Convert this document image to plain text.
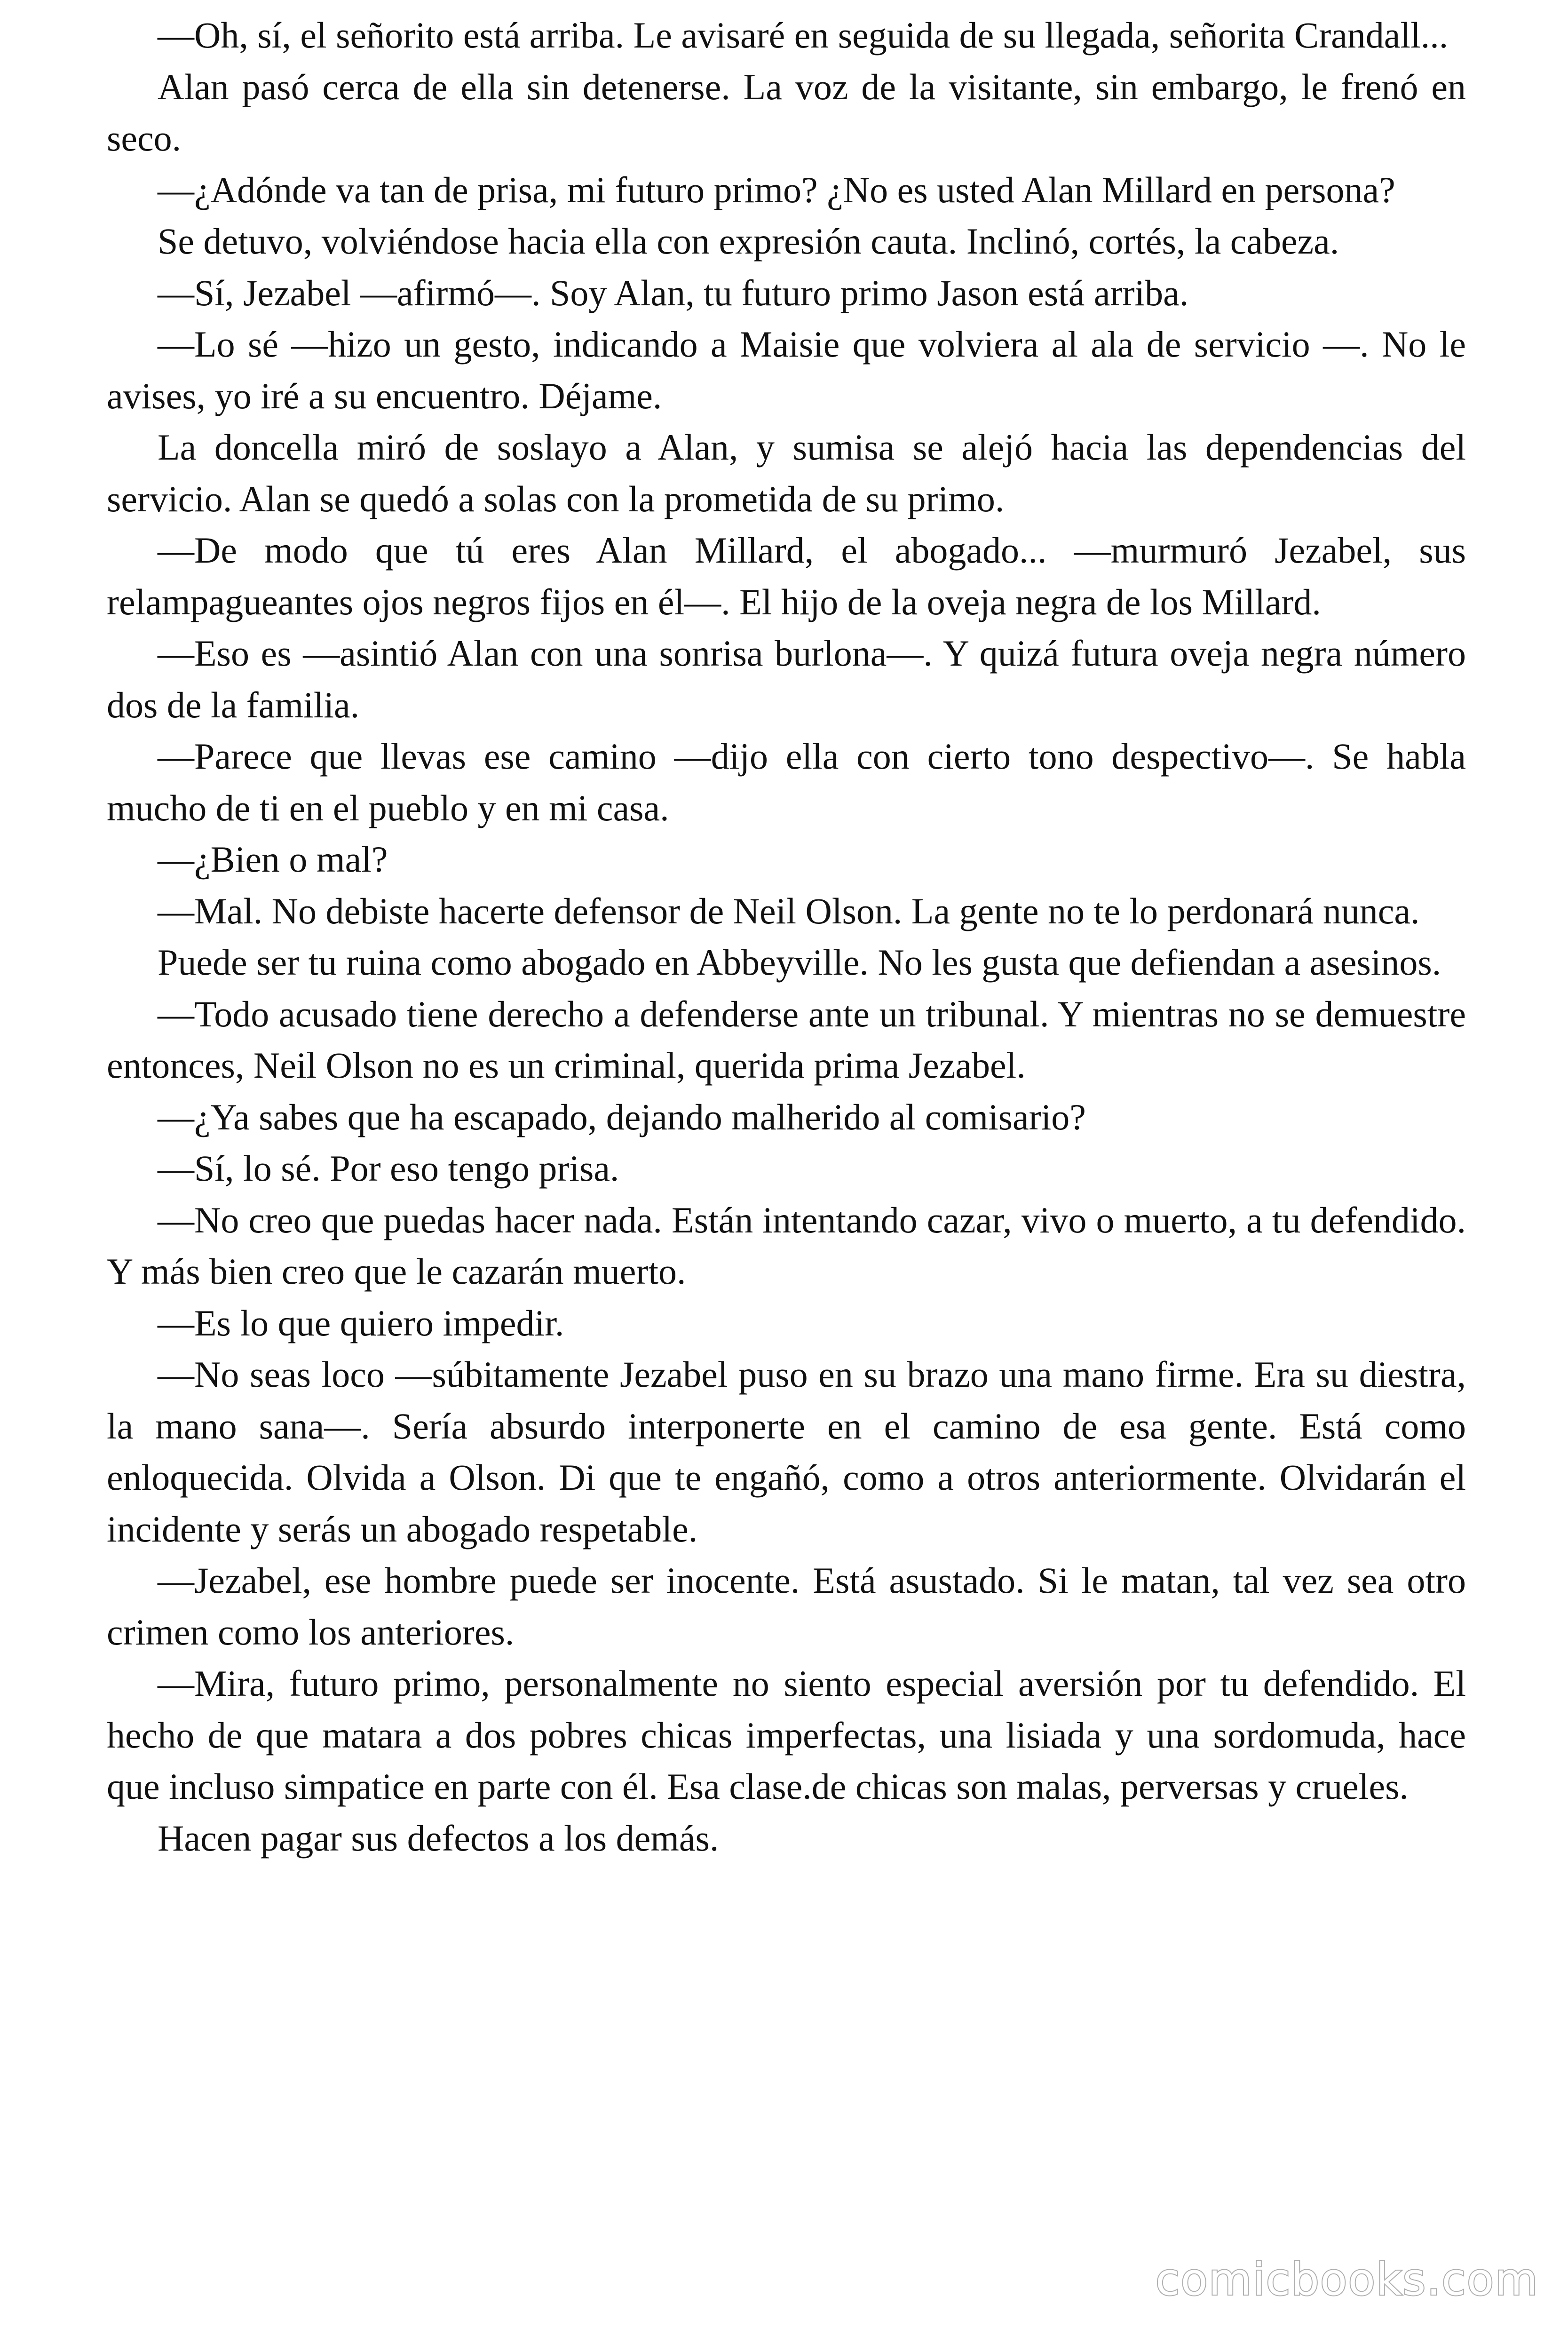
—Oh, sí, el señorito está arriba. Le avisaré en seguida de su llegada, señorita Crandall...

Alan pasó cerca de ella sin detenerse. La voz de la visitante, sin embargo, le frenó en seco.

—¿Adónde va tan de prisa, mi futuro primo? ¿No es usted Alan Millard en persona?

Se detuvo, volviéndose hacia ella con expresión cauta. Inclinó, cortés, la cabeza.

—Sí, Jezabel —afirmó—. Soy Alan, tu futuro primo Jason está arriba.

—Lo sé —hizo un gesto, indicando a Maisie que volviera al ala de servicio —. No le avises, yo iré a su encuentro. Déjame.

La doncella miró de soslayo a Alan, y sumisa se alejó hacia las dependencias del servicio. Alan se quedó a solas con la prometida de su primo.

—De modo que tú eres Alan Millard, el abogado... —murmuró Jezabel, sus relampagueantes ojos negros fijos en él—. El hijo de la oveja negra de los Millard.

—Eso es —asintió Alan con una sonrisa burlona—. Y quizá futura oveja negra número dos de la familia.

—Parece que llevas ese camino —dijo ella con cierto tono despectivo—. Se habla mucho de ti en el pueblo y en mi casa.

—¿Bien o mal?

—Mal. No debiste hacerte defensor de Neil Olson. La gente no te lo perdonará nunca.

Puede ser tu ruina como abogado en Abbeyville. No les gusta que defiendan a asesinos.

—Todo acusado tiene derecho a defenderse ante un tribunal. Y mientras no se demuestre entonces, Neil Olson no es un criminal, querida prima Jezabel.

—¿Ya sabes que ha escapado, dejando malherido al comisario?

—Sí, lo sé. Por eso tengo prisa.

—No creo que puedas hacer nada. Están intentando cazar, vivo o muerto, a tu defendido. Y más bien creo que le cazarán muerto.

—Es lo que quiero impedir.

—No seas loco —súbitamente Jezabel puso en su brazo una mano firme. Era su diestra, la mano sana—. Sería absurdo interponerte en el camino de esa gente. Está como enloquecida. Olvida a Olson. Di que te engañó, como a otros anteriormente. Olvidarán el incidente y serás un abogado respetable.

—Jezabel, ese hombre puede ser inocente. Está asustado. Si le matan, tal vez sea otro crimen como los anteriores.

—Mira, futuro primo, personalmente no siento especial aversión por tu defendido. El hecho de que matara a dos pobres chicas imperfectas, una lisiada y una sordomuda, hace que incluso simpatice en parte con él. Esa clase.de chicas son malas, perversas y crueles.

Hacen pagar sus defectos a los demás.

comicbooks.com
